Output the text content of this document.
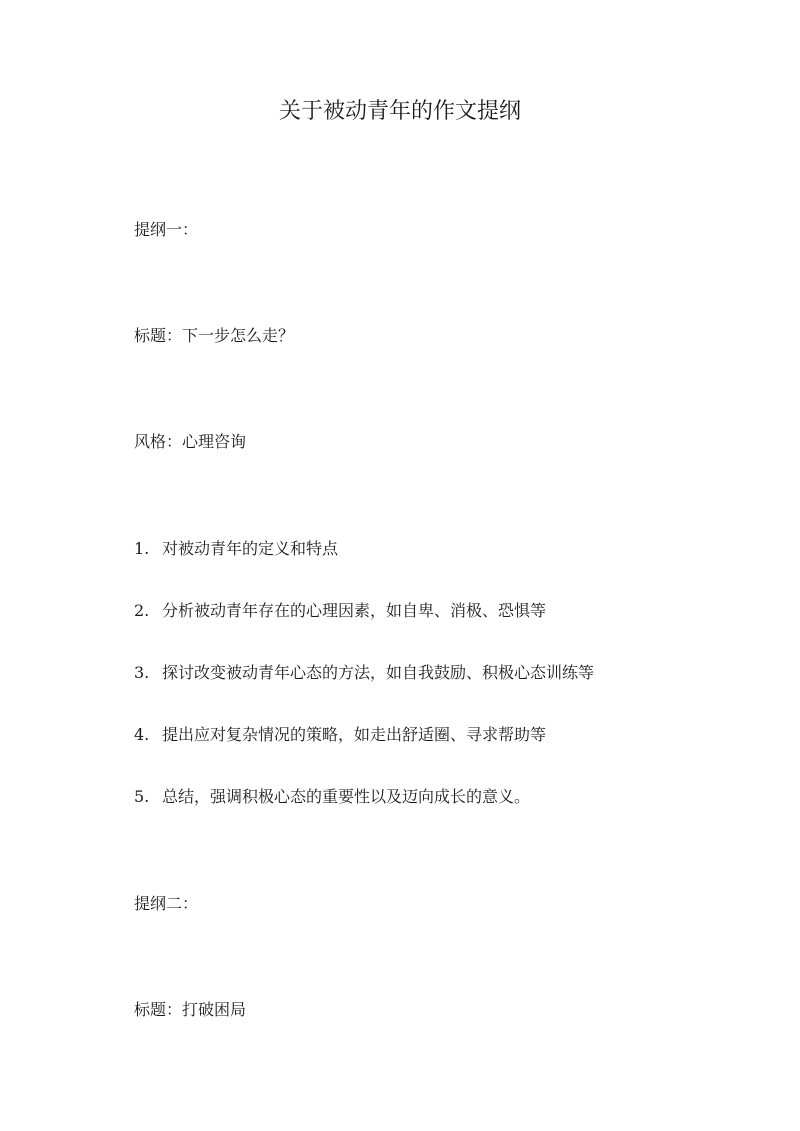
关于被动青年的作文提纲
提纲一：
标题：下一步怎么走？
风格：心理咨询
1. 对被动青年的定义和特点
2. 分析被动青年存在的心理因素，如自卑、消极、恐惧等
3. 探讨改变被动青年心态的方法，如自我鼓励、积极心态训练等
4. 提出应对复杂情况的策略，如走出舒适圈、寻求帮助等
5. 总结，强调积极心态的重要性以及迈向成长的意义。
提纲二：
标题：打破困局
